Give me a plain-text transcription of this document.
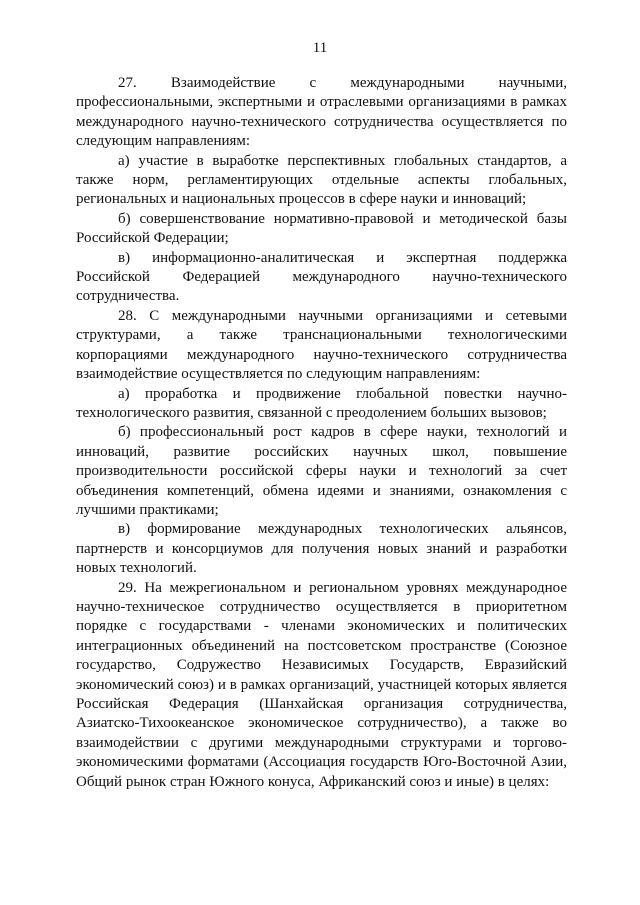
11

27. Взаимодействие с международными научными, профессиональными, экспертными и отраслевыми организациями в рамках международного научно-технического сотрудничества осуществляется по следующим направлениям:

а) участие в выработке перспективных глобальных стандартов, а также норм, регламентирующих отдельные аспекты глобальных, региональных и национальных процессов в сфере науки и инноваций;

б) совершенствование нормативно-правовой и методической базы Российской Федерации;

в) информационно-аналитическая и экспертная поддержка Российской Федерацией международного научно-технического сотрудничества.

28. С международными научными организациями и сетевыми структурами, а также транснациональными технологическими корпорациями международного научно-технического сотрудничества взаимодействие осуществляется по следующим направлениям:

а) проработка и продвижение глобальной повестки научно-технологического развития, связанной с преодолением больших вызовов;

б) профессиональный рост кадров в сфере науки, технологий и инноваций, развитие российских научных школ, повышение производительности российской сферы науки и технологий за счет объединения компетенций, обмена идеями и знаниями, ознакомления с лучшими практиками;

в) формирование международных технологических альянсов, партнерств и консорциумов для получения новых знаний и разработки новых технологий.

29. На межрегиональном и региональном уровнях международное научно-техническое сотрудничество осуществляется в приоритетном порядке с государствами - членами экономических и политических интеграционных объединений на постсоветском пространстве (Союзное государство, Содружество Независимых Государств, Евразийский экономический союз) и в рамках организаций, участницей которых является Российская Федерация (Шанхайская организация сотрудничества, Азиатско-Тихоокеанское экономическое сотрудничество), а также во взаимодействии с другими международными структурами и торгово-экономическими форматами (Ассоциация государств Юго-Восточной Азии, Общий рынок стран Южного конуса, Африканский союз и иные) в целях:
